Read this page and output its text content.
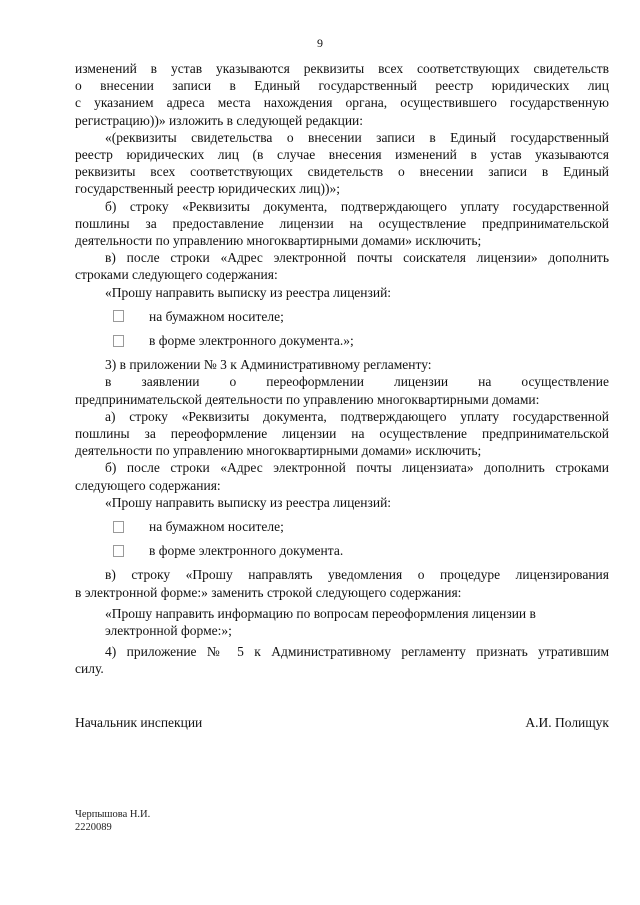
9

изменений в устав указываются реквизиты всех соответствующих свидетельств

о внесении записи в Единый государственный реестр юридических лиц

с указанием адреса места нахождения органа, осуществившего государственную

регистрацию))» изложить в следующей редакции:

«(реквизиты свидетельства о внесении записи в Единый государственный

реестр юридических лиц (в случае внесения изменений в устав указываются

реквизиты всех соответствующих свидетельств о внесении записи в Единый

государственный реестр юридических лиц))»;

б) строку «Реквизиты документа, подтверждающего уплату государственной

пошлины за предоставление лицензии на осуществление предпринимательской

деятельности по управлению многоквартирными домами» исключить;

в) после строки «Адрес электронной почты соискателя лицензии» дополнить

строками следующего содержания:

«Прошу направить выписку из реестра лицензий:

на бумажном носителе;
в форме электронного документа.»;

3) в приложении № 3 к Административному регламенту:

в заявлении о переоформлении лицензии на осуществление

предпринимательской деятельности по управлению многоквартирными домами:

а) строку «Реквизиты документа, подтверждающего уплату государственной

пошлины за переоформление лицензии на осуществление предпринимательской

деятельности по управлению многоквартирными домами» исключить;

б) после строки «Адрес электронной почты лицензиата» дополнить строками

следующего содержания:

«Прошу направить выписку из реестра лицензий:

на бумажном носителе;
в форме электронного документа.

в) строку «Прошу направлять уведомления о процедуре лицензирования

в электронной форме:» заменить строкой следующего содержания:

«Прошу направить информацию по вопросам переоформления лицензии в

электронной форме:»;

4) приложение № 5 к Административному регламенту признать утратившим

силу.

Начальник инспекции	А.И. Полищук
Черпышова Н.И.
2220089
